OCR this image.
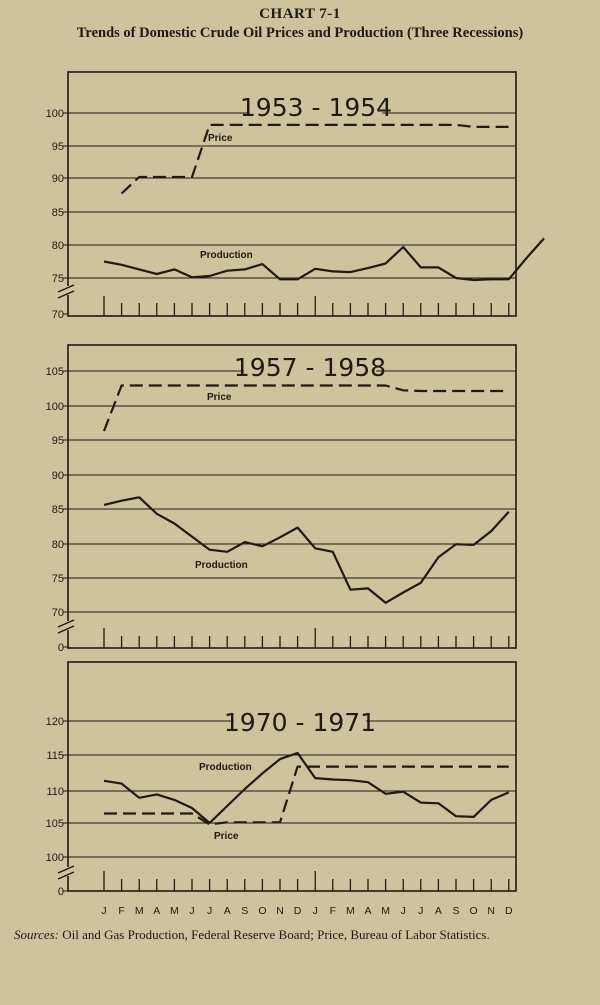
CHART 7-1
Trends of Domestic Crude Oil Prices and Production (Three Recessions)
100
95
90
85
80
75
70
1953 - 1954
Price
Production
105
100
95
90
85
80
75
70
0
1957 - 1958
Price
Production
120
115
110
105
100
0
1970 - 1971
Production
Price
J F M A M J J A S O N D J F M A M J J A S O N D
Sources: Oil and Gas Production, Federal Reserve Board; Price, Bureau of Labor Statistics.
